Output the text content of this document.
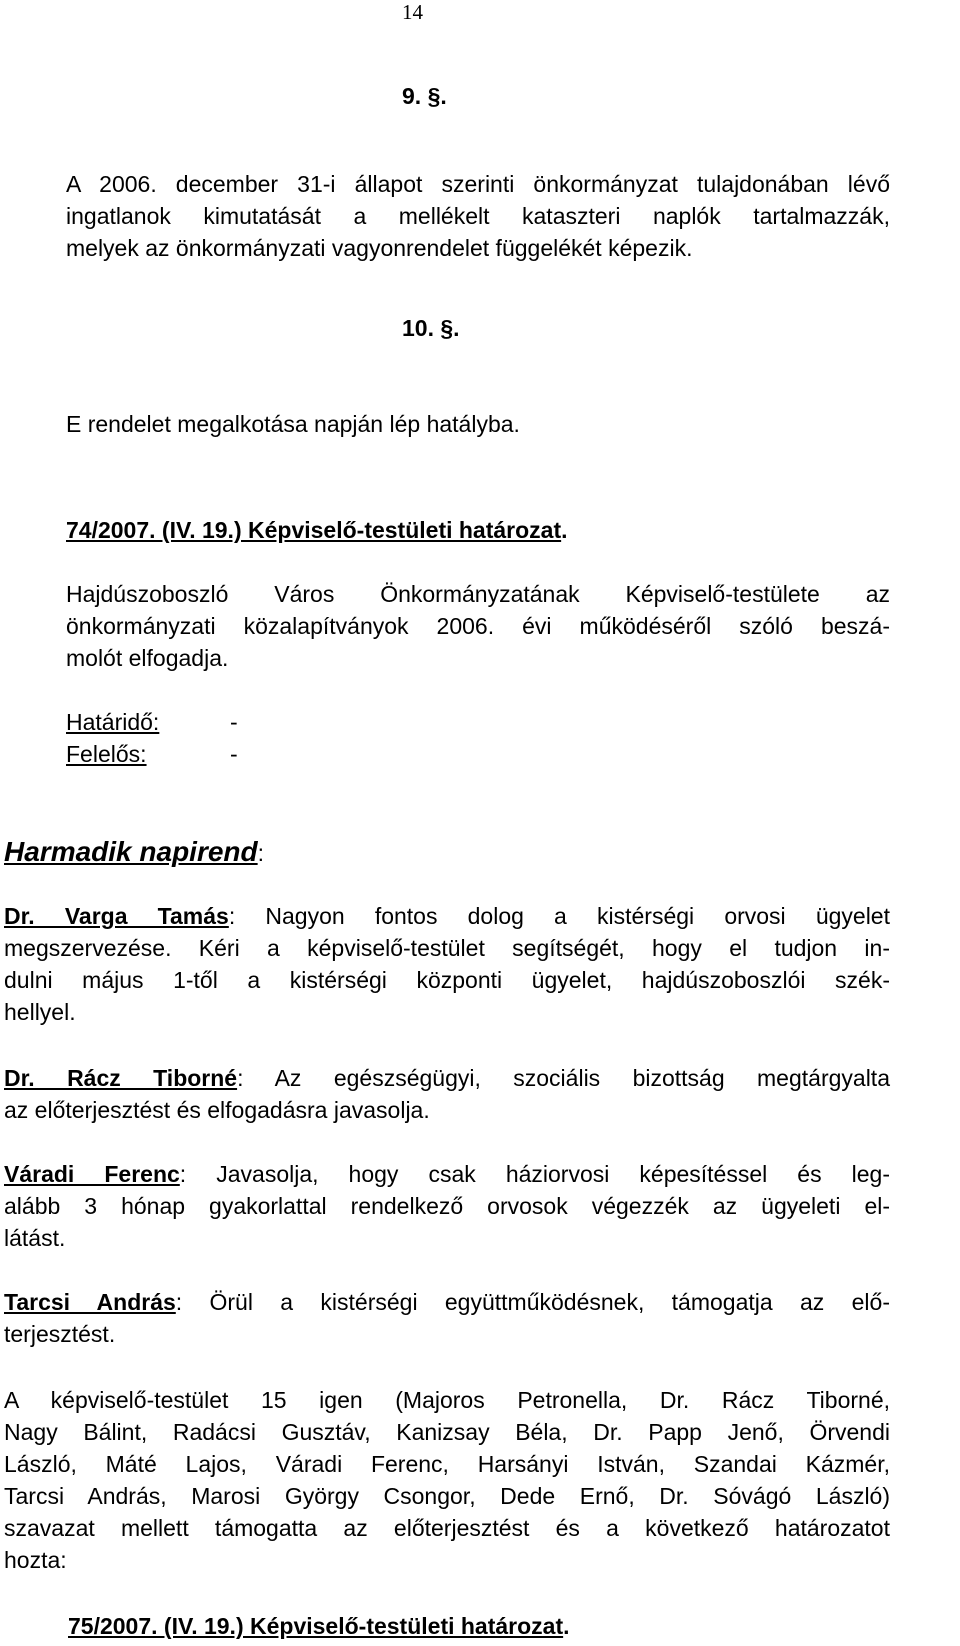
14
9. §.
A 2006. december 31-i állapot szerinti önkormányzat tulajdonában lévő
ingatlanok kimutatását a mellékelt kataszteri naplók tartalmazzák,
melyek az önkormányzati vagyonrendelet függelékét képezik.
10. §.
E rendelet megalkotása napján lép hatályba.
74/2007. (IV. 19.) Képviselő-testületi határozat.
Hajdúszoboszló Város Önkormányzatának Képviselő-testülete az
önkormányzati közalapítványok 2006. évi működéséről szóló beszá-
molót elfogadja.
Határidő:	-
Felelős:	-
Harmadik napirend:
Dr. Varga Tamás: Nagyon fontos dolog a kistérségi orvosi ügyelet
megszervezése. Kéri a képviselő-testület segítségét, hogy el tudjon in-
dulni május 1-től a kistérségi központi ügyelet, hajdúszoboszlói szék-
hellyel.
Dr. Rácz Tiborné: Az egészségügyi, szociális bizottság megtárgyalta
az előterjesztést és elfogadásra javasolja.
Váradi Ferenc: Javasolja, hogy csak háziorvosi képesítéssel és leg-
alább 3 hónap gyakorlattal rendelkező orvosok végezzék az ügyeleti el-
látást.
Tarcsi András: Örül a kistérségi együttműködésnek, támogatja az elő-
terjesztést.
A képviselő-testület 15 igen (Majoros Petronella, Dr. Rácz Tiborné,
Nagy Bálint, Radácsi Gusztáv, Kanizsay Béla, Dr. Papp Jenő, Örvendi
László, Máté Lajos, Váradi Ferenc, Harsányi István, Szandai Kázmér,
Tarcsi András, Marosi György Csongor, Dede Ernő, Dr. Sóvágó László)
szavazat mellett támogatta az előterjesztést és a következő határozatot
hozta:
75/2007. (IV. 19.) Képviselő-testületi határozat.
